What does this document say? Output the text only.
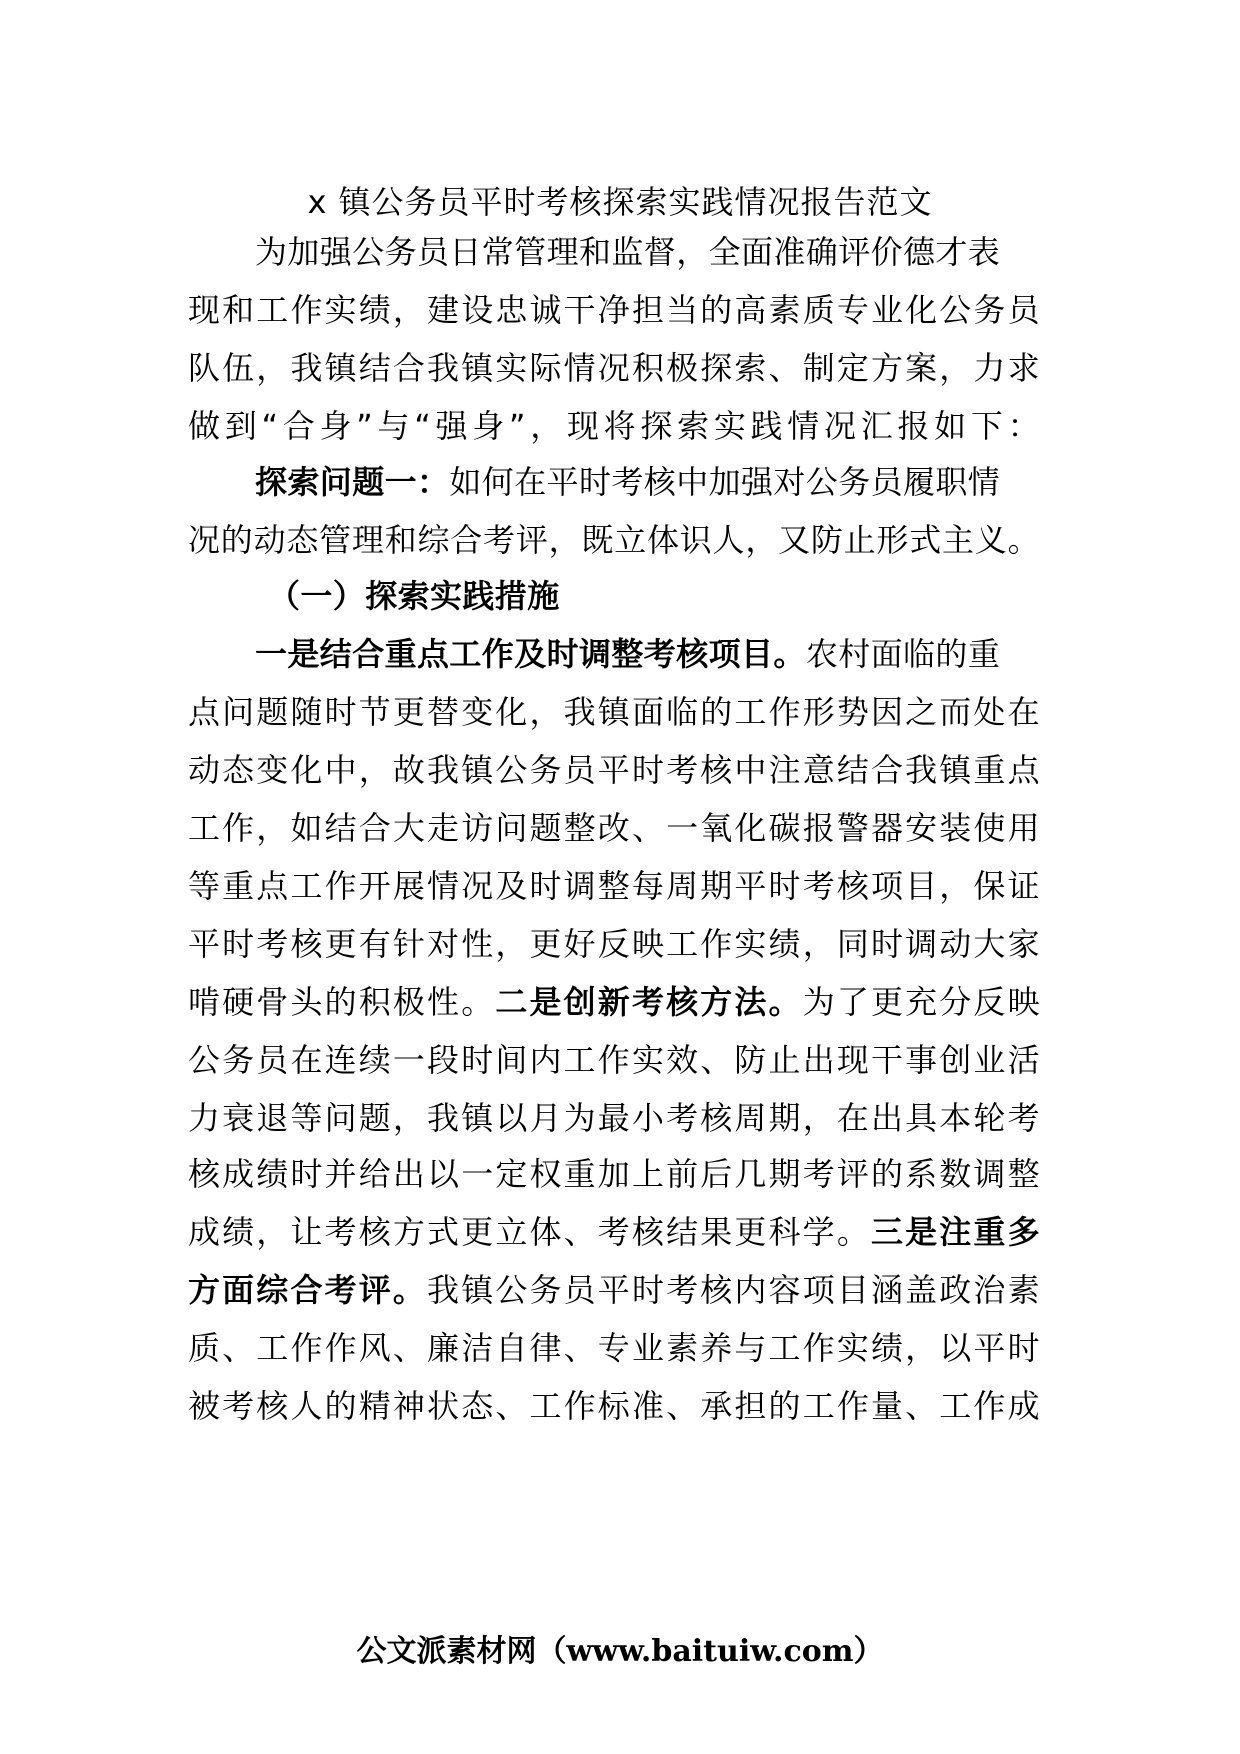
x 镇公务员平时考核探索实践情况报告范文
为加强公务员日常管理和监督，全面准确评价德才表
现和工作实绩，建设忠诚干净担当的高素质专业化公务员
队伍，我镇结合我镇实际情况积极探索、制定方案，力求
做到“合身”与“强身”，现将探索实践情况汇报如下：
探索问题一：如何在平时考核中加强对公务员履职情
况的动态管理和综合考评，既立体识人，又防止形式主义。
（一）探索实践措施
一是结合重点工作及时调整考核项目。农村面临的重
点问题随时节更替变化，我镇面临的工作形势因之而处在
动态变化中，故我镇公务员平时考核中注意结合我镇重点
工作，如结合大走访问题整改、一氧化碳报警器安装使用
等重点工作开展情况及时调整每周期平时考核项目，保证
平时考核更有针对性，更好反映工作实绩，同时调动大家
啃硬骨头的积极性。二是创新考核方法。为了更充分反映
公务员在连续一段时间内工作实效、防止出现干事创业活
力衰退等问题，我镇以月为最小考核周期，在出具本轮考
核成绩时并给出以一定权重加上前后几期考评的系数调整
成绩，让考核方式更立体、考核结果更科学。三是注重多
方面综合考评。我镇公务员平时考核内容项目涵盖政治素
质、工作作风、廉洁自律、专业素养与工作实绩，以平时
被考核人的精神状态、工作标准、承担的工作量、工作成
公文派素材网（www.baituiw.com）
